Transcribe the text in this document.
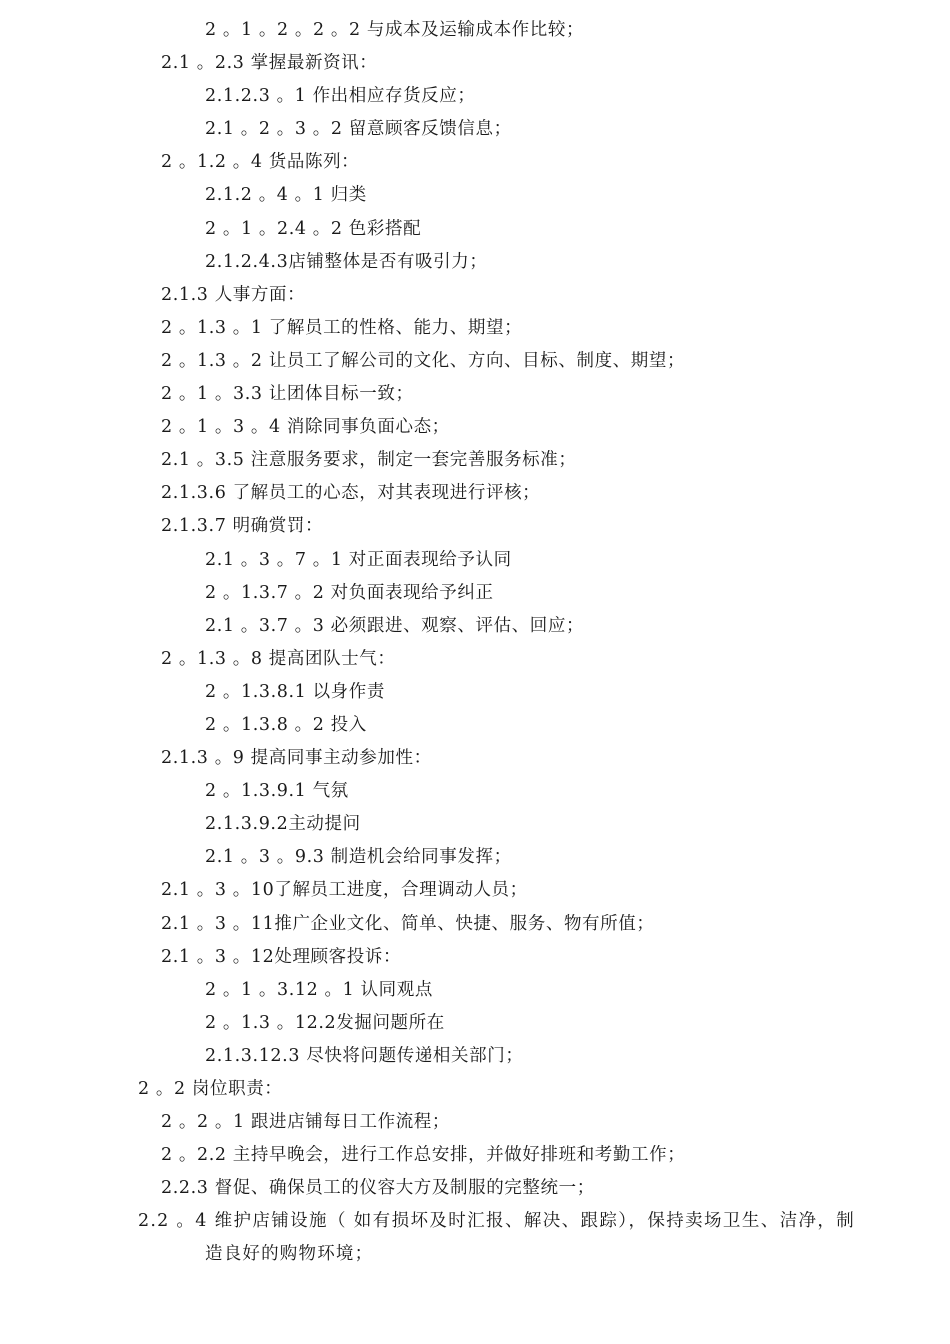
2 。1 。2 。2 。2 与成本及运输成本作比较；
2.1 。2.3 掌握最新资讯：
2.1.2.3 。1 作出相应存货反应；
2.1 。2 。3 。2 留意顾客反馈信息；
2 。1.2 。4 货品陈列：
2.1.2 。4 。1 归类
2 。1 。2.4 。2 色彩搭配
2.1.2.4.3店铺整体是否有吸引力；
2.1.3 人事方面：
2 。1.3 。1 了解员工的性格、能力、期望；
2 。1.3 。2 让员工了解公司的文化、方向、目标、制度、期望；
2 。1 。3.3 让团体目标一致；
2 。1 。3 。4 消除同事负面心态；
2.1 。3.5 注意服务要求，制定一套完善服务标准；
2.1.3.6 了解员工的心态，对其表现进行评核；
2.1.3.7 明确赏罚：
2.1 。3 。7 。1 对正面表现给予认同
2 。1.3.7 。2 对负面表现给予纠正
2.1 。3.7 。3 必须跟进、观察、评估、回应；
2 。1.3 。8 提高团队士气：
2 。1.3.8.1 以身作责
2 。1.3.8 。2 投入
2.1.3 。9 提高同事主动参加性：
2 。1.3.9.1 气氛
2.1.3.9.2主动提问
2.1 。3 。9.3 制造机会给同事发挥；
2.1 。3 。10了解员工进度，合理调动人员；
2.1 。3 。11推广企业文化、简单、快捷、服务、物有所值；
2.1 。3 。12处理顾客投诉：
2 。1 。3.12 。1 认同观点
2 。1.3 。12.2发掘问题所在
2.1.3.12.3 尽快将问题传递相关部门；
2 。2 岗位职责：
2 。2 。1 跟进店铺每日工作流程；
2 。2.2 主持早晚会，进行工作总安排，并做好排班和考勤工作；
2.2.3 督促、确保员工的仪容大方及制服的完整统一；
2.2 。4 维护店铺设施（ 如有损坏及时汇报、解决、跟踪），保持卖场卫生、洁净，制造良好的购物环境；
